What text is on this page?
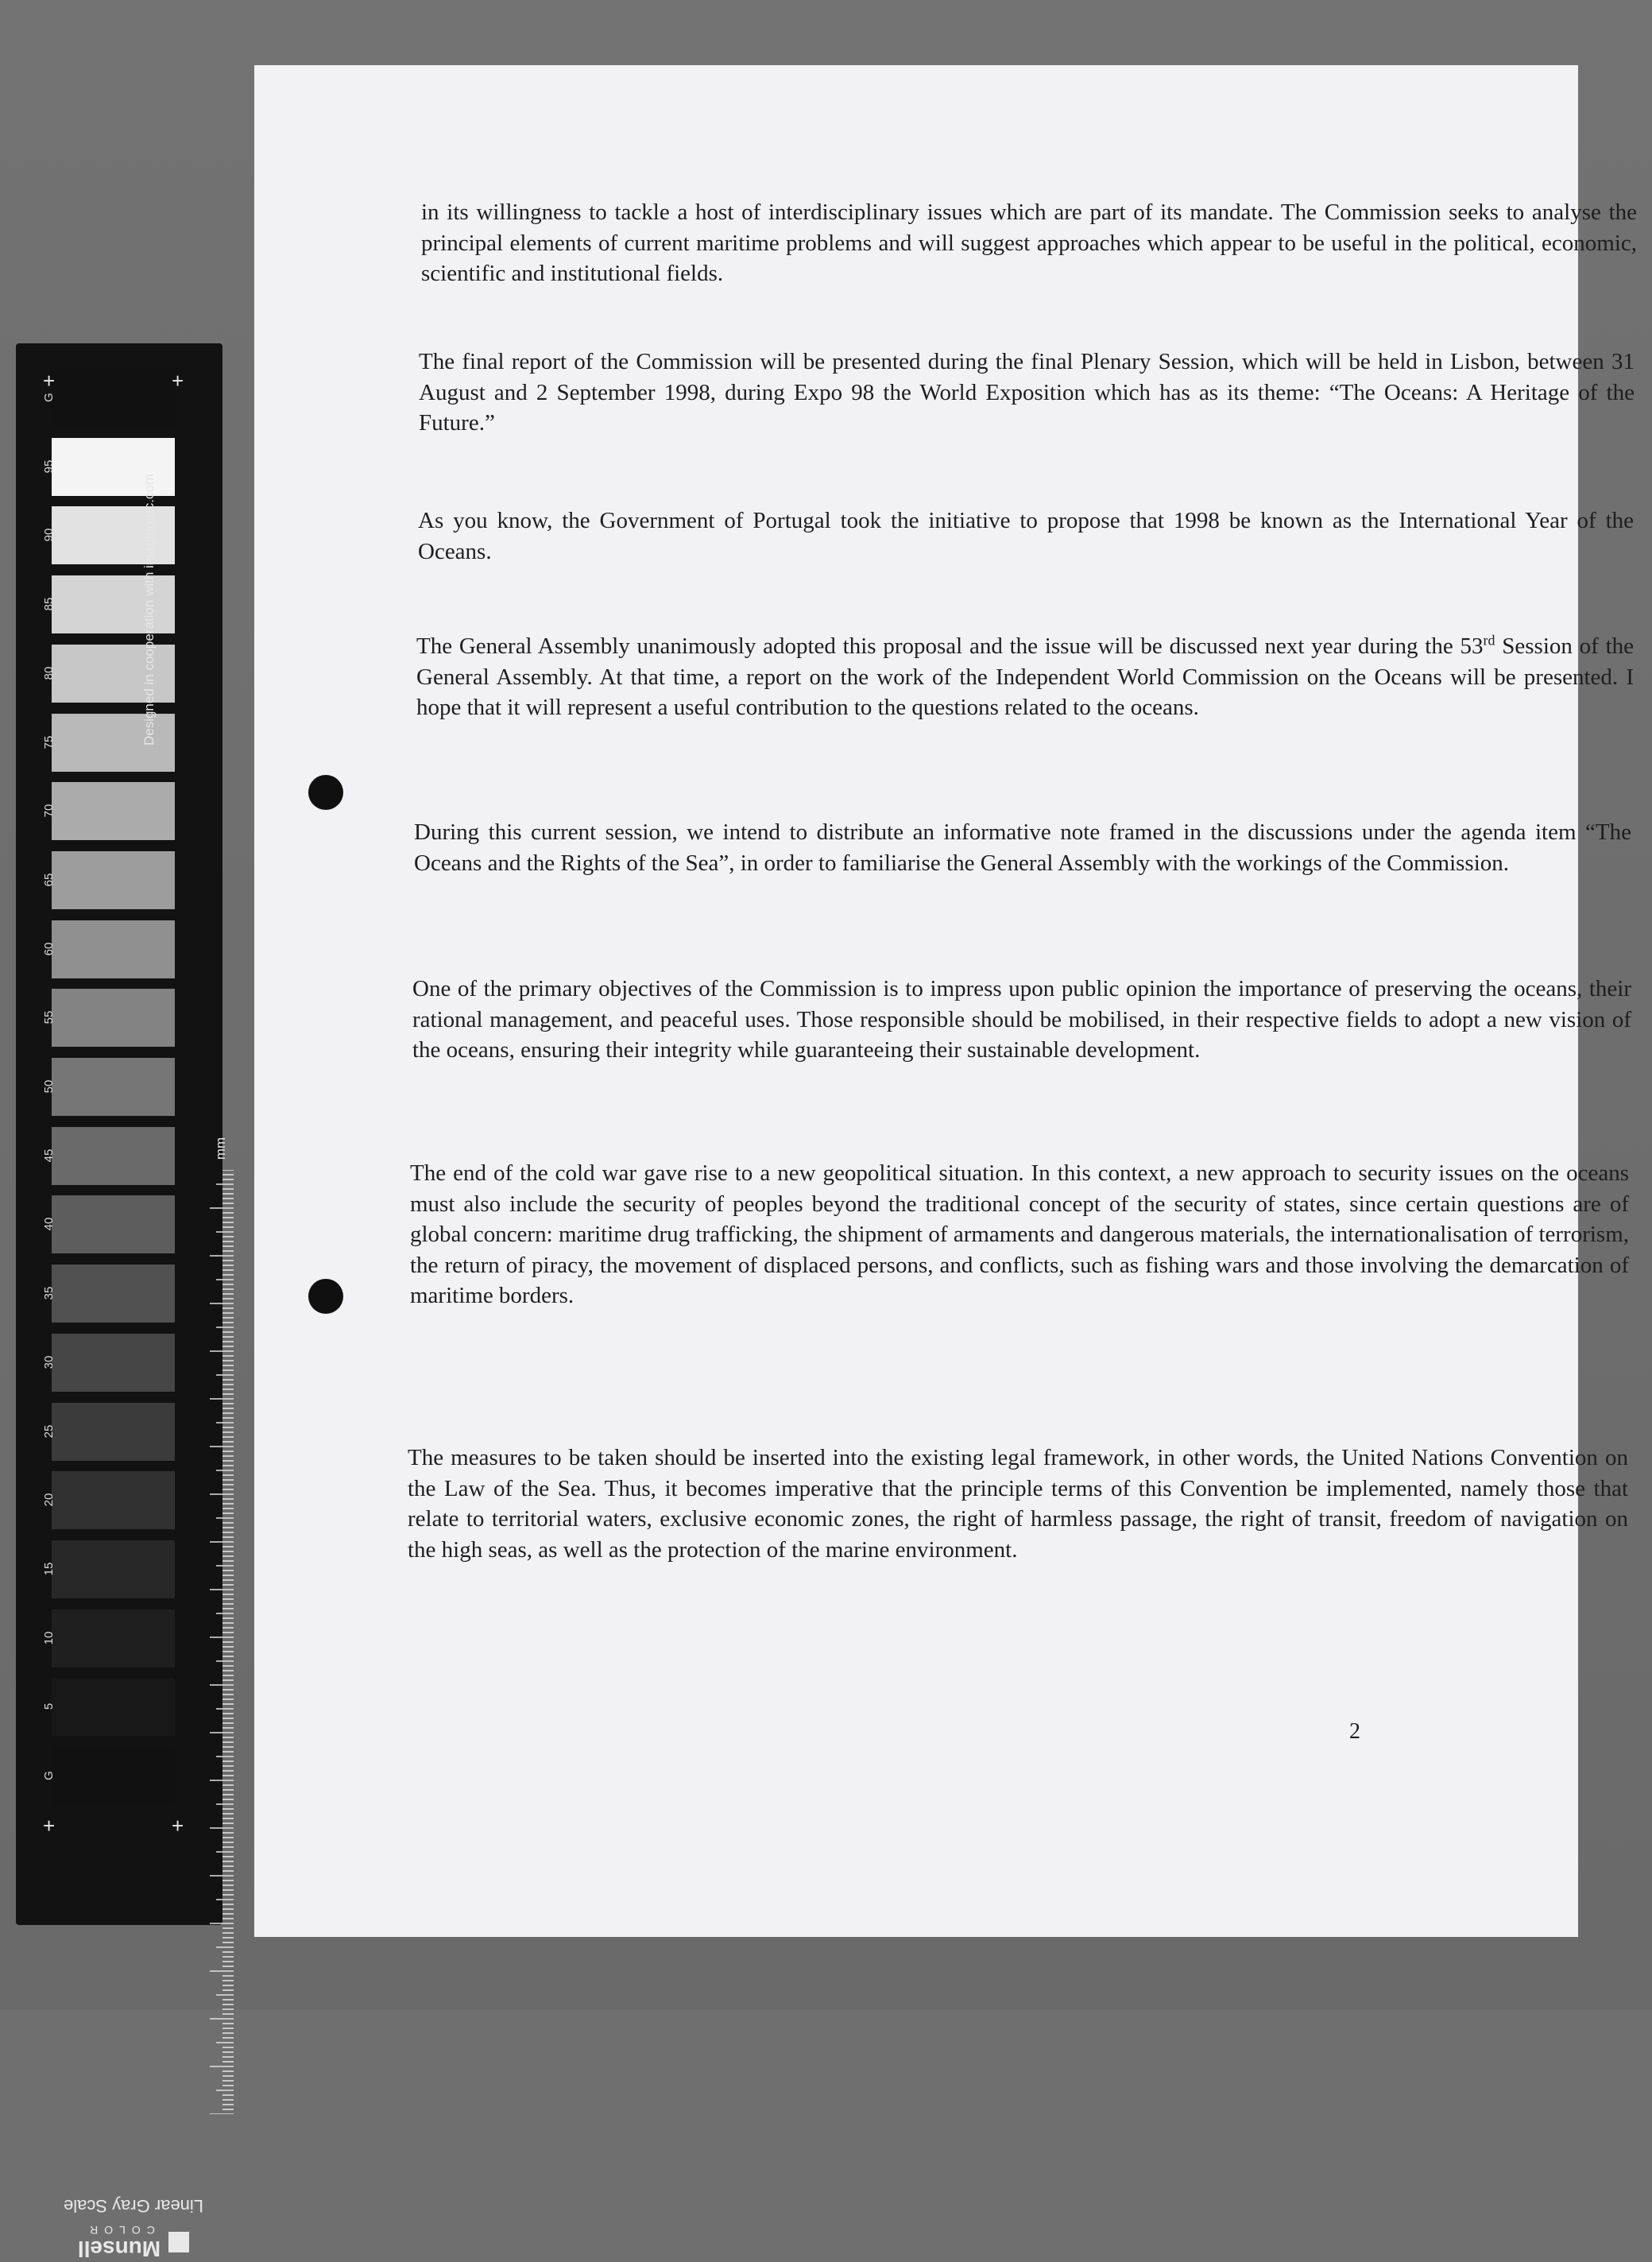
+	+
+	+
G
95
90
85
80
75
70
65
60
55
50
45
40
35
30
25
20
15
10
5
G
mm
Linear Gray Scale
Munsell
COLOR
Designed in cooperation with imagingetc.com

in its willingness to tackle a host of interdisciplinary issues which are part of its mandate. The Commission seeks to analyse the principal elements of current maritime problems and will suggest approaches which appear to be useful in the political, economic, scientific and institutional fields.

The final report of the Commission will be presented during the final Plenary Session, which will be held in Lisbon, between 31 August and 2 September 1998, during Expo 98 the World Exposition which has as its theme: “The Oceans: A Heritage of the Future.”

As you know, the Government of Portugal took the initiative to propose that 1998 be known as the International Year of the Oceans.

The General Assembly unanimously adopted this proposal and the issue will be discussed next year during the 53rd Session of the General Assembly. At that time, a report on the work of the Independent World Commission on the Oceans will be presented. I hope that it will represent a useful contribution to the questions related to the oceans.

During this current session, we intend to distribute an informative note framed in the discussions under the agenda item “The Oceans and the Rights of the Sea”, in order to familiarise the General Assembly with the workings of the Commission.

One of the primary objectives of the Commission is to impress upon public opinion the importance of preserving the oceans, their rational management, and peaceful uses. Those responsible should be mobilised, in their respective fields to adopt a new vision of the oceans, ensuring their integrity while guaranteeing their sustainable development.

The end of the cold war gave rise to a new geopolitical situation. In this context, a new approach to security issues on the oceans must also include the security of peoples beyond the traditional concept of the security of states, since certain questions are of global concern: maritime drug trafficking, the shipment of armaments and dangerous materials, the internationalisation of terrorism, the return of piracy, the movement of displaced persons, and conflicts, such as fishing wars and those involving the demarcation of maritime borders.

The measures to be taken should be inserted into the existing legal framework, in other words, the United Nations Convention on the Law of the Sea. Thus, it becomes imperative that the principle terms of this Convention be implemented, namely those that relate to territorial waters, exclusive economic zones, the right of harmless passage, the right of transit, freedom of navigation on the high seas, as well as the protection of the marine environment.

2
